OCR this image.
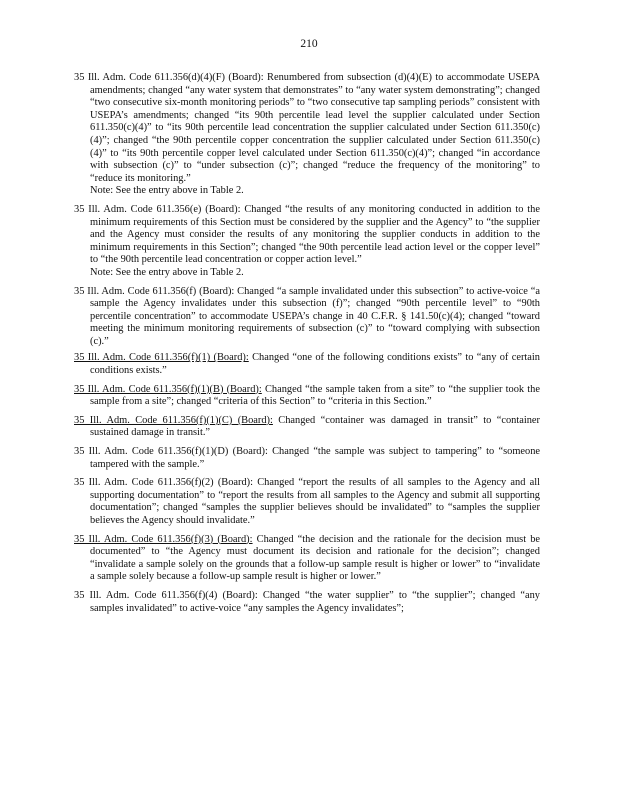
210
35 Ill. Adm. Code 611.356(d)(4)(F) (Board): Renumbered from subsection (d)(4)(E) to accommodate USEPA amendments; changed “any water system that demonstrates” to “any water system demonstrating”; changed “two consecutive six-month monitoring periods” to “two consecutive tap sampling periods” consistent with USEPA’s amendments; changed “its 90th percentile lead level the supplier calculated under Section 611.350(c)(4)” to “its 90th percentile lead concentration the supplier calculated under Section 611.350(c)(4)”; changed “the 90th percentile copper concentration the supplier calculated under Section 611.350(c)(4)” to “its 90th percentile copper level calculated under Section 611.350(c)(4)”; changed “in accordance with subsection (c)” to “under subsection (c)”; changed “reduce the frequency of the monitoring” to “reduce its monitoring.”
Note: See the entry above in Table 2.
35 Ill. Adm. Code 611.356(e) (Board): Changed “the results of any monitoring conducted in addition to the minimum requirements of this Section must be considered by the supplier and the Agency” to “the supplier and the Agency must consider the results of any monitoring the supplier conducts in addition to the minimum requirements in this Section”; changed “the 90th percentile lead action level or the copper level” to “the 90th percentile lead concentration or copper action level.”
Note: See the entry above in Table 2.
35 Ill. Adm. Code 611.356(f) (Board): Changed “a sample invalidated under this subsection” to active-voice “a sample the Agency invalidates under this subsection (f)”; changed “90th percentile level” to “90th percentile concentration” to accommodate USEPA’s change in 40 C.F.R. § 141.50(c)(4); changed “toward meeting the minimum monitoring requirements of subsection (c)” to “toward complying with subsection (c).”
35 Ill. Adm. Code 611.356(f)(1) (Board): Changed “one of the following conditions exists” to “any of certain conditions exists.”
35 Ill. Adm. Code 611.356(f)(1)(B) (Board): Changed “the sample taken from a site” to “the supplier took the sample from a site”; changed “criteria of this Section” to “criteria in this Section.”
35 Ill. Adm. Code 611.356(f)(1)(C) (Board): Changed “container was damaged in transit” to “container sustained damage in transit.”
35 Ill. Adm. Code 611.356(f)(1)(D) (Board): Changed “the sample was subject to tampering” to “someone tampered with the sample.”
35 Ill. Adm. Code 611.356(f)(2) (Board): Changed “report the results of all samples to the Agency and all supporting documentation” to “report the results from all samples to the Agency and submit all supporting documentation”; changed “samples the supplier believes should be invalidated” to “samples the supplier believes the Agency should invalidate.”
35 Ill. Adm. Code 611.356(f)(3) (Board): Changed “the decision and the rationale for the decision must be documented” to “the Agency must document its decision and rationale for the decision”; changed “invalidate a sample solely on the grounds that a follow-up sample result is higher or lower” to “invalidate a sample solely because a follow-up sample result is higher or lower.”
35 Ill. Adm. Code 611.356(f)(4) (Board): Changed “the water supplier” to “the supplier”; changed “any samples invalidated” to active-voice “any samples the Agency invalidates”;
